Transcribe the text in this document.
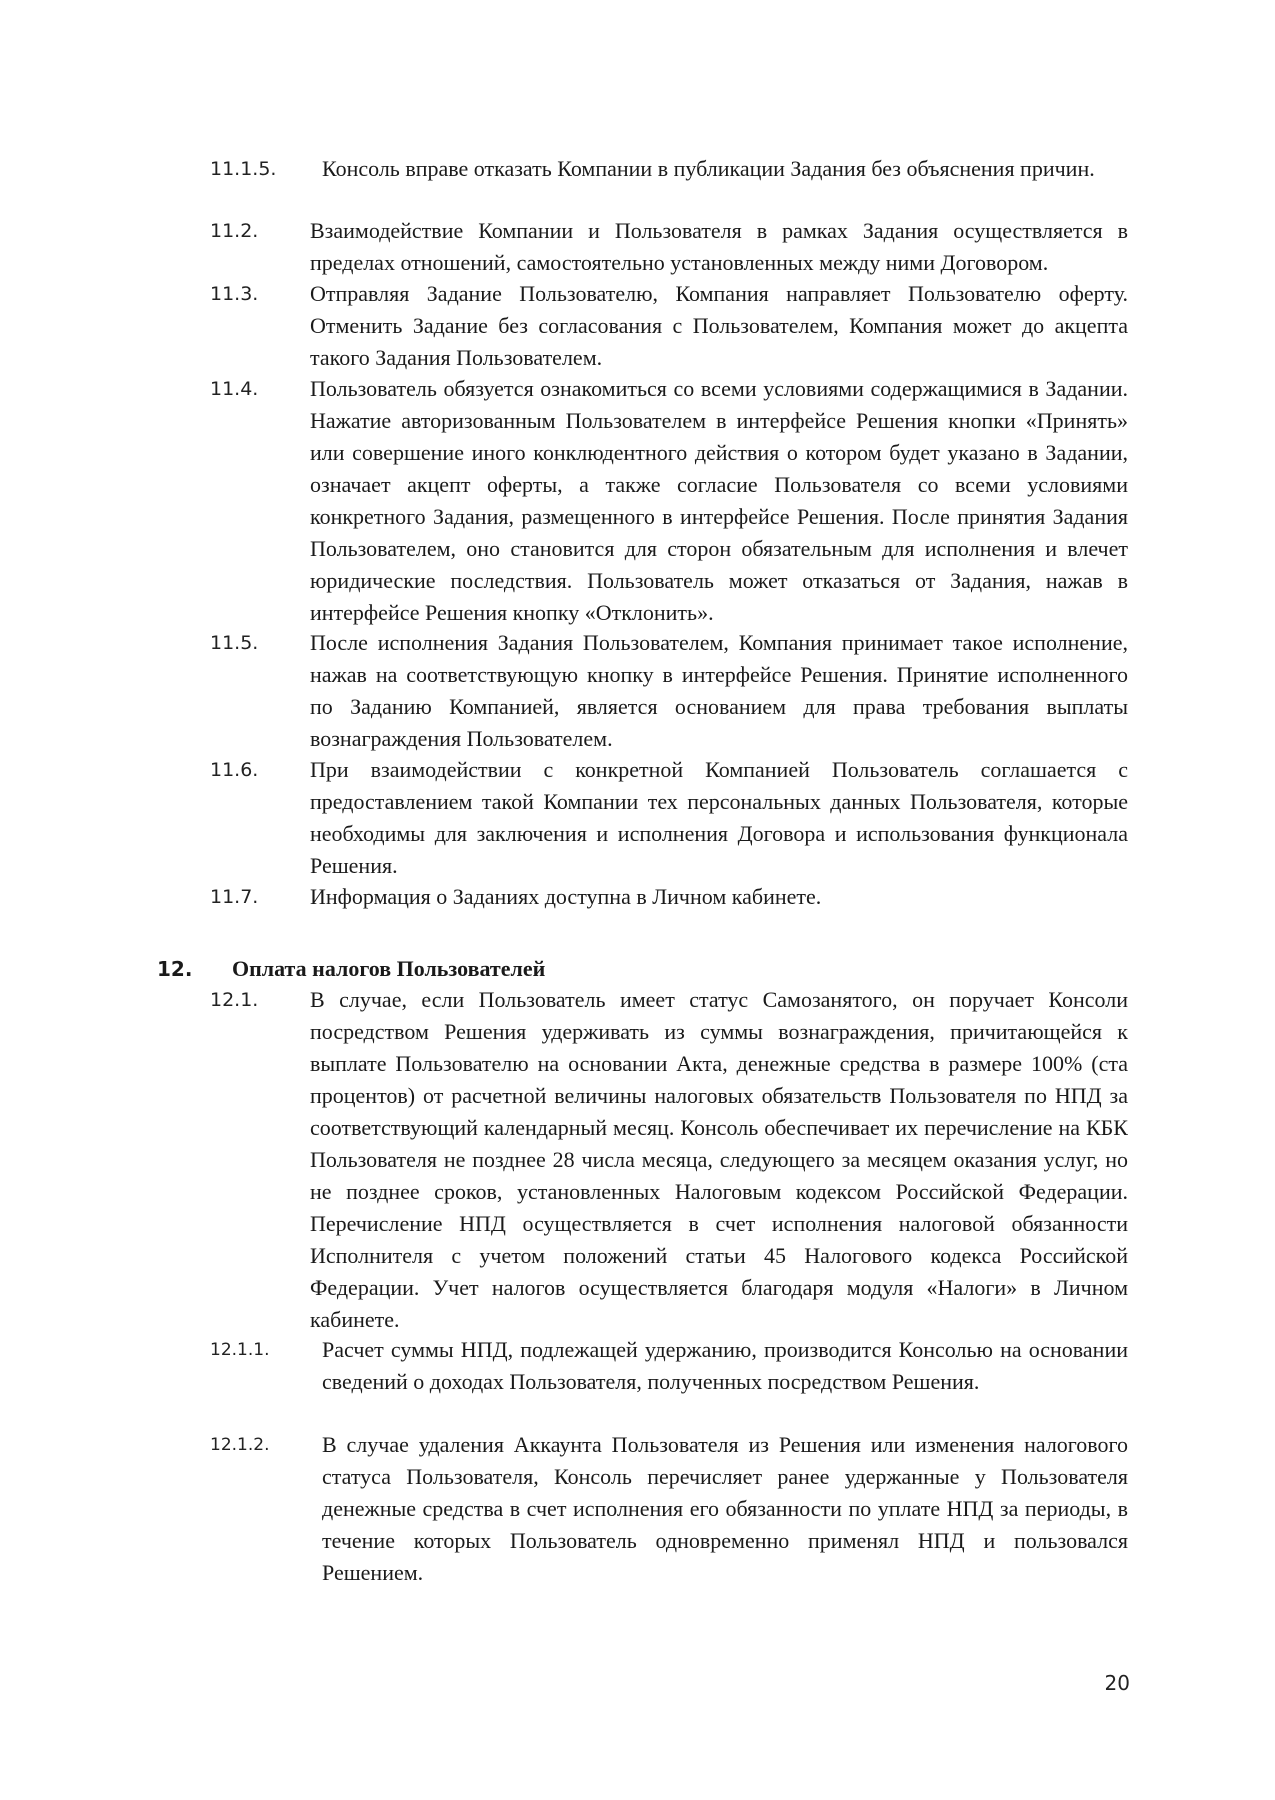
11.1.5. Консоль вправе отказать Компании в публикации Задания без объяснения причин.
11.2. Взаимодействие Компании и Пользователя в рамках Задания осуществляется в пределах отношений, самостоятельно установленных между ними Договором.
11.3. Отправляя Задание Пользователю, Компания направляет Пользователю оферту. Отменить Задание без согласования с Пользователем, Компания может до акцепта такого Задания Пользователем.
11.4. Пользователь обязуется ознакомиться со всеми условиями содержащимися в Задании. Нажатие авторизованным Пользователем в интерфейсе Решения кнопки «Принять» или совершение иного конклюдентного действия о котором будет указано в Задании, означает акцепт оферты, а также согласие Пользователя со всеми условиями конкретного Задания, размещенного в интерфейсе Решения. После принятия Задания Пользователем, оно становится для сторон обязательным для исполнения и влечет юридические последствия. Пользователь может отказаться от Задания, нажав в интерфейсе Решения кнопку «Отклонить».
11.5. После исполнения Задания Пользователем, Компания принимает такое исполнение, нажав на соответствующую кнопку в интерфейсе Решения. Принятие исполненного по Заданию Компанией, является основанием для права требования выплаты вознаграждения Пользователем.
11.6. При взаимодействии с конкретной Компанией Пользователь соглашается с предоставлением такой Компании тех персональных данных Пользователя, которые необходимы для заключения и исполнения Договора и использования функционала Решения.
11.7. Информация о Заданиях доступна в Личном кабинете.
12. Оплата налогов Пользователей
12.1. В случае, если Пользователь имеет статус Самозанятого, он поручает Консоли посредством Решения удерживать из суммы вознаграждения, причитающейся к выплате Пользователю на основании Акта, денежные средства в размере 100% (ста процентов) от расчетной величины налоговых обязательств Пользователя по НПД за соответствующий календарный месяц. Консоль обеспечивает их перечисление на КБК Пользователя не позднее 28 числа месяца, следующего за месяцем оказания услуг, но не позднее сроков, установленных Налоговым кодексом Российской Федерации. Перечисление НПД осуществляется в счет исполнения налоговой обязанности Исполнителя с учетом положений статьи 45 Налогового кодекса Российской Федерации. Учет налогов осуществляется благодаря модуля «Налоги» в Личном кабинете.
12.1.1. Расчет суммы НПД, подлежащей удержанию, производится Консолью на основании сведений о доходах Пользователя, полученных посредством Решения.
12.1.2. В случае удаления Аккаунта Пользователя из Решения или изменения налогового статуса Пользователя, Консоль перечисляет ранее удержанные у Пользователя денежные средства в счет исполнения его обязанности по уплате НПД за периоды, в течение которых Пользователь одновременно применял НПД и пользовался Решением.
20
